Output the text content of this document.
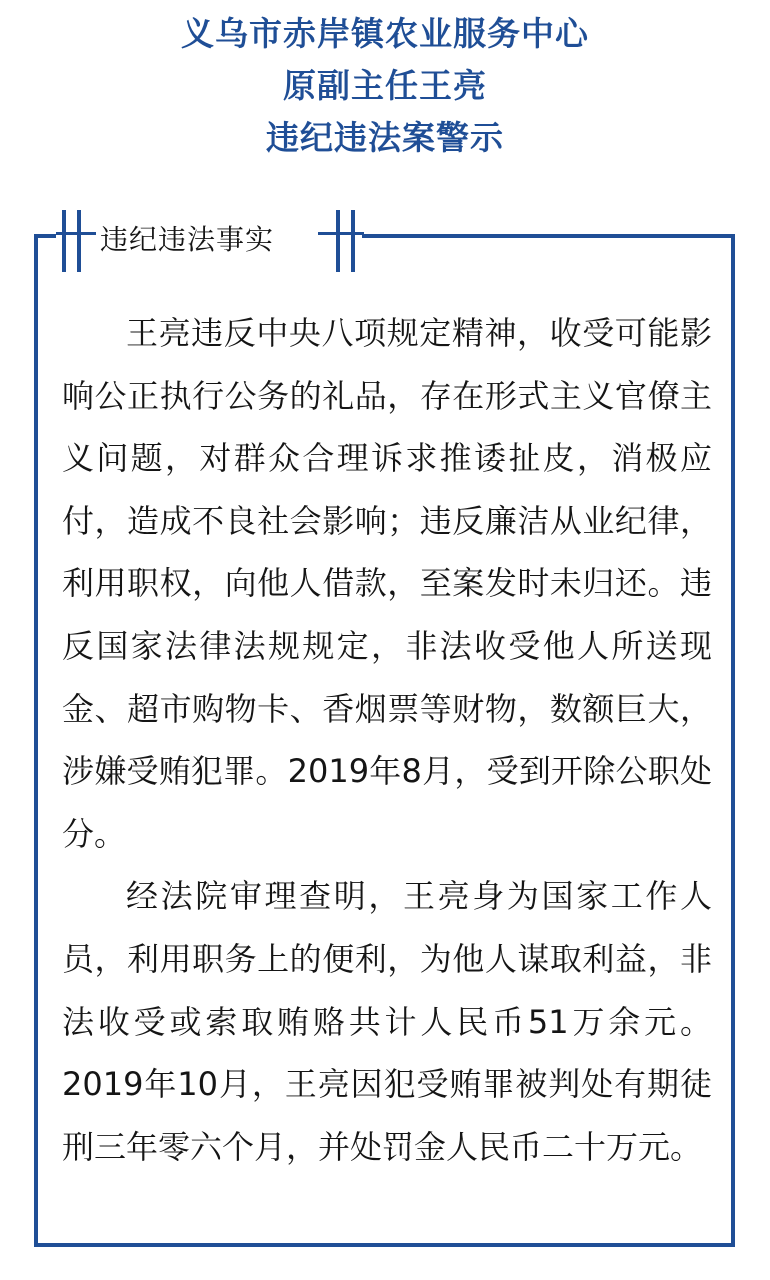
义乌市赤岸镇农业服务中心
原副主任王亮
违纪违法案警示
违纪违法事实

王亮违反中央八项规定精神，收受可能影响公正执行公务的礼品，存在形式主义官僚主义问题，对群众合理诉求推诿扯皮，消极应付，造成不良社会影响；违反廉洁从业纪律，利用职权，向他人借款，至案发时未归还。违反国家法律法规规定，非法收受他人所送现金、超市购物卡、香烟票等财物，数额巨大，涉嫌受贿犯罪。2019年8月，受到开除公职处分。

经法院审理查明，王亮身为国家工作人员，利用职务上的便利，为他人谋取利益，非法收受或索取贿赂共计人民币51万余元。2019年10月，王亮因犯受贿罪被判处有期徒刑三年零六个月，并处罚金人民币二十万元。
